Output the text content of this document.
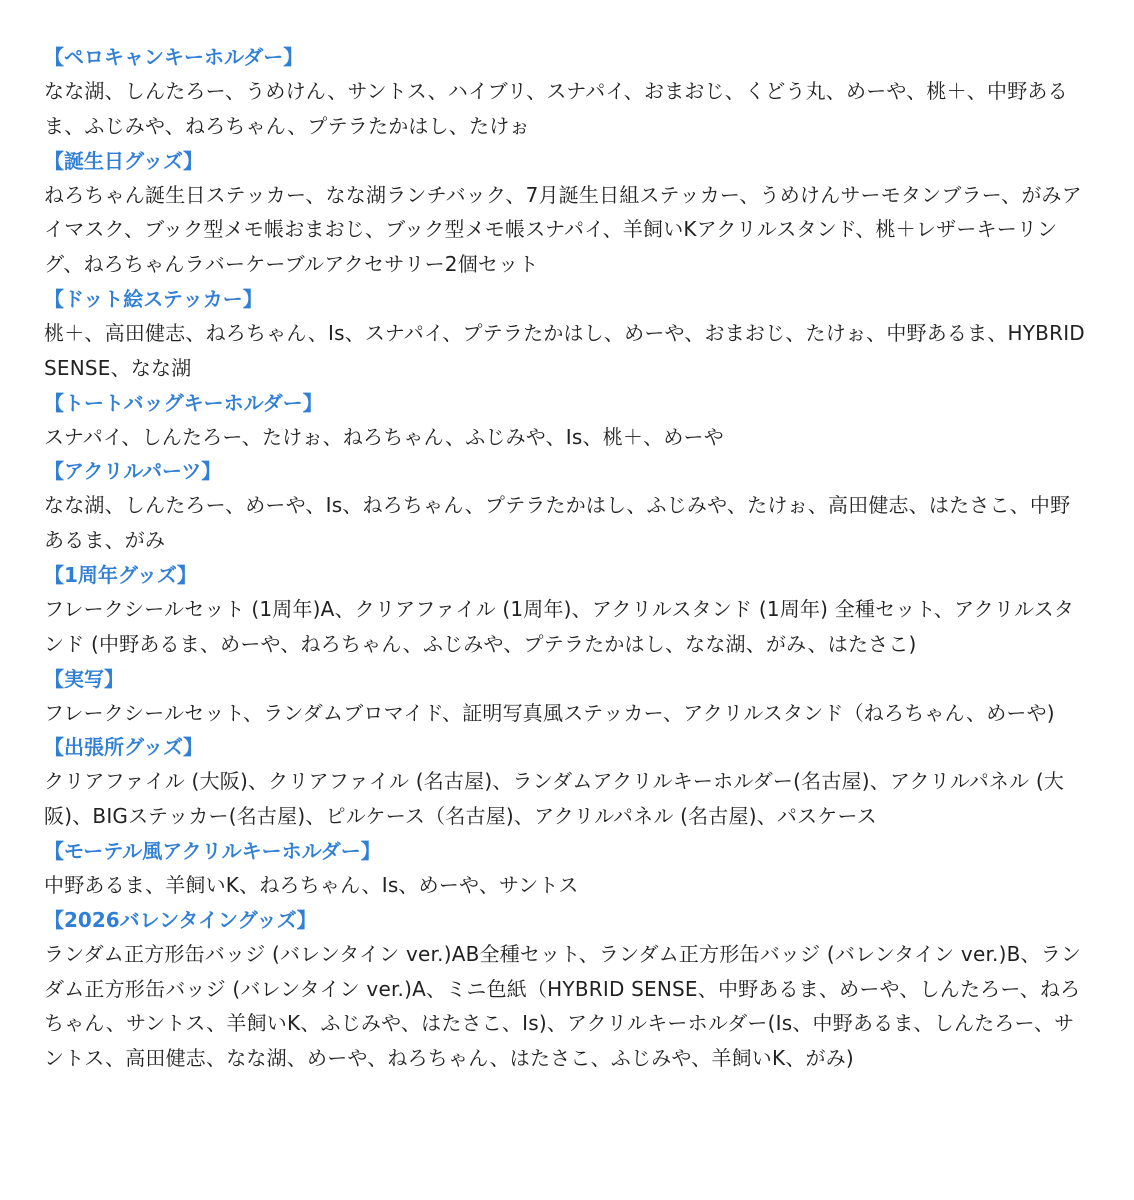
【ペロキャンキーホルダー】

なな湖、しんたろー、うめけん、サントス、ハイブリ、スナパイ、おまおじ、くどう丸、めーや、桃＋、中野あるま、ふじみや、ねろちゃん、プテラたかはし、たけぉ

【誕生日グッズ】

ねろちゃん誕生日ステッカー、なな湖ランチバック、7月誕生日組ステッカー、うめけんサーモタンブラー、がみアイマスク、ブック型メモ帳おまおじ、ブック型メモ帳スナパイ、羊飼いKアクリルスタンド、桃＋レザーキーリング、ねろちゃんラバーケーブルアクセサリー2個セット

【ドット絵ステッカー】

桃＋、高田健志、ねろちゃん、Is、スナパイ、プテラたかはし、めーや、おまおじ、たけぉ、中野あるま、HYBRID SENSE、なな湖

【トートバッグキーホルダー】

スナパイ、しんたろー、たけぉ、ねろちゃん、ふじみや、Is、桃＋、めーや

【アクリルパーツ】

なな湖、しんたろー、めーや、Is、ねろちゃん、プテラたかはし、ふじみや、たけぉ、高田健志、はたさこ、中野あるま、がみ

【1周年グッズ】

フレークシールセット (1周年)A、クリアファイル (1周年)、アクリルスタンド (1周年) 全種セット、アクリルスタンド (中野あるま、めーや、ねろちゃん、ふじみや、プテラたかはし、なな湖、がみ、はたさこ)

【実写】

フレークシールセット、ランダムブロマイド、証明写真風ステッカー、アクリルスタンド（ねろちゃん、めーや)

【出張所グッズ】

クリアファイル (大阪)、クリアファイル (名古屋)、ランダムアクリルキーホルダー(名古屋)、アクリルパネル (大阪)、BIGステッカー(名古屋)、ピルケース（名古屋)、アクリルパネル (名古屋)、パスケース

【モーテル風アクリルキーホルダー】

中野あるま、羊飼いK、ねろちゃん、Is、めーや、サントス

【2026バレンタイングッズ】

ランダム正方形缶バッジ (バレンタイン ver.)AB全種セット、ランダム正方形缶バッジ (バレンタイン ver.)B、ランダム正方形缶バッジ (バレンタイン ver.)A、ミニ色紙（HYBRID SENSE、中野あるま、めーや、しんたろー、ねろちゃん、サントス、羊飼いK、ふじみや、はたさこ、Is)、アクリルキーホルダー(Is、中野あるま、しんたろー、サントス、高田健志、なな湖、めーや、ねろちゃん、はたさこ、ふじみや、羊飼いK、がみ)
